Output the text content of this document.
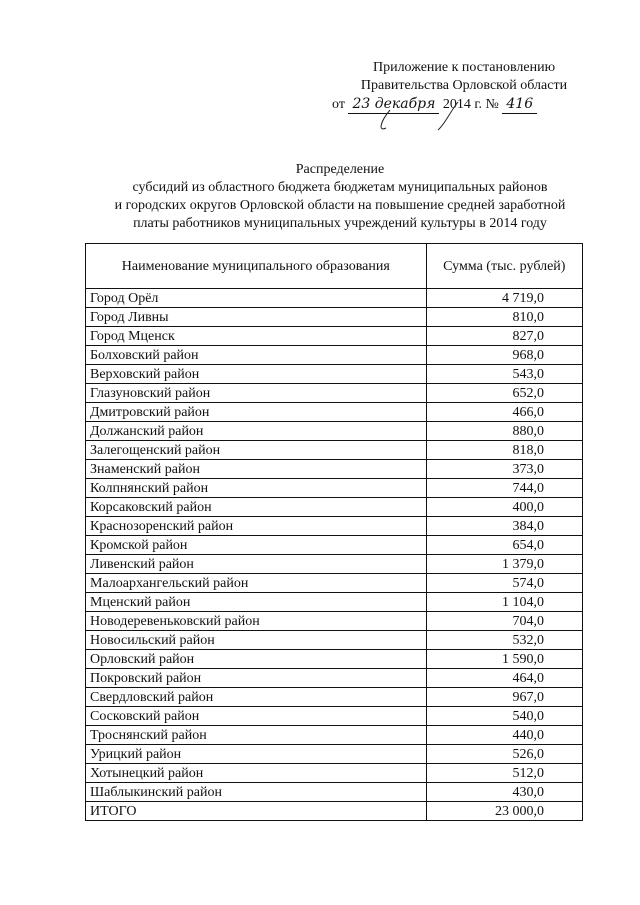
Приложение к постановлению
Правительства Орловской области
от 23 декабря 2014 г. № 416
Распределение
субсидий из областного бюджета бюджетам муниципальных районов
и городских округов Орловской области на повышение средней заработной
платы работников муниципальных учреждений культуры в 2014 году
Наименование муниципального образования	Сумма (тыс. рублей)
Город Орёл	4 719,0
Город Ливны	810,0
Город Мценск	827,0
Болховский район	968,0
Верховский район	543,0
Глазуновский район	652,0
Дмитровский район	466,0
Должанский район	880,0
Залегощенский район	818,0
Знаменский район	373,0
Колпнянский район	744,0
Корсаковский район	400,0
Краснозоренский район	384,0
Кромской район	654,0
Ливенский район	1 379,0
Малоархангельский район	574,0
Мценский район	1 104,0
Новодеревеньковский район	704,0
Новосильский район	532,0
Орловский район	1 590,0
Покровский район	464,0
Свердловский район	967,0
Сосковский район	540,0
Троснянский район	440,0
Урицкий район	526,0
Хотынецкий район	512,0
Шаблыкинский район	430,0
ИТОГО	23 000,0
